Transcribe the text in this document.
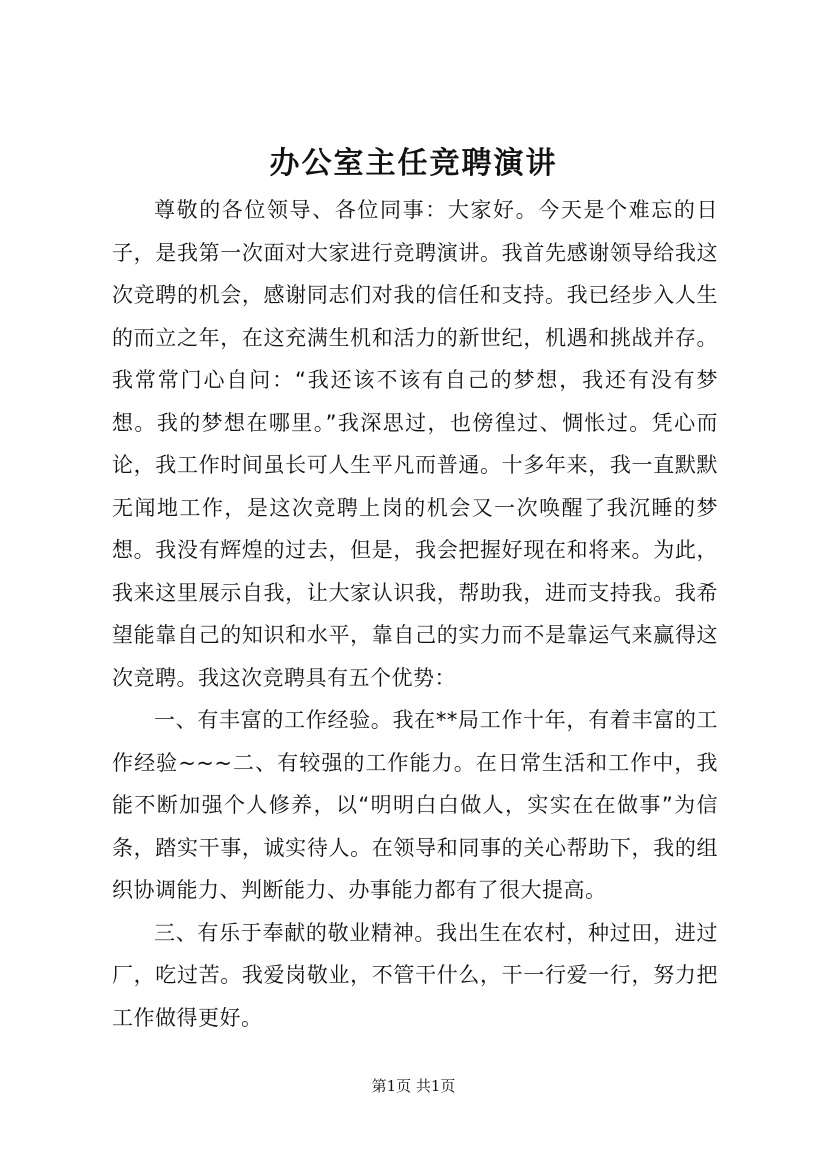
办公室主任竞聘演讲

尊敬的各位领导、各位同事：大家好。今天是个难忘的日子，是我第一次面对大家进行竞聘演讲。我首先感谢领导给我这次竞聘的机会，感谢同志们对我的信任和支持。我已经步入人生的而立之年，在这充满生机和活力的新世纪，机遇和挑战并存。我常常门心自问：“我还该不该有自己的梦想，我还有没有梦想。我的梦想在哪里。”我深思过，也傍徨过、惆怅过。凭心而论，我工作时间虽长可人生平凡而普通。十多年来，我一直默默无闻地工作，是这次竞聘上岗的机会又一次唤醒了我沉睡的梦想。我没有辉煌的过去，但是，我会把握好现在和将来。为此，我来这里展示自我，让大家认识我，帮助我，进而支持我。我希望能靠自己的知识和水平，靠自己的实力而不是靠运气来赢得这次竞聘。我这次竞聘具有五个优势：

一、有丰富的工作经验。我在**局工作十年，有着丰富的工作经验~~~二、有较强的工作能力。在日常生活和工作中，我能不断加强个人修养，以“明明白白做人，实实在在做事”为信条，踏实干事，诚实待人。在领导和同事的关心帮助下，我的组织协调能力、判断能力、办事能力都有了很大提高。

三、有乐于奉献的敬业精神。我出生在农村，种过田，进过厂，吃过苦。我爱岗敬业，不管干什么，干一行爱一行，努力把工作做得更好。

第1页 共1页
